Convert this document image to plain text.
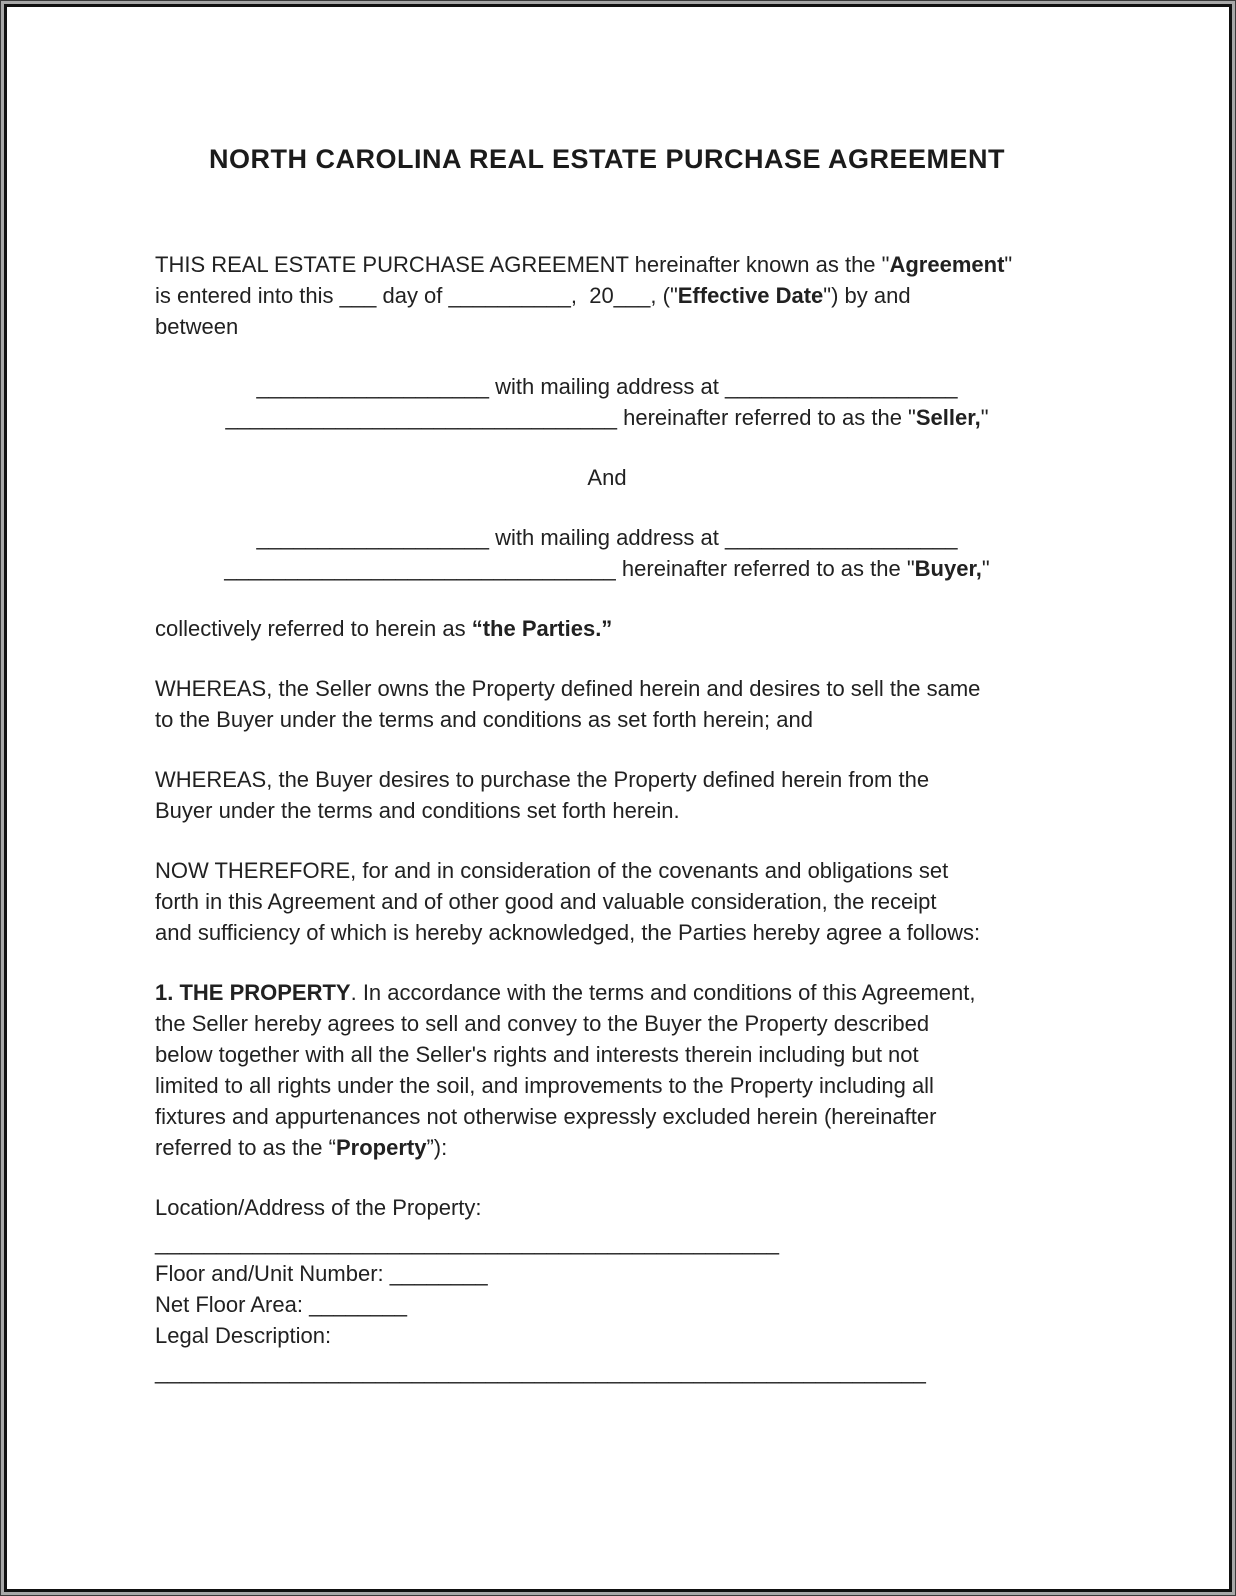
NORTH CAROLINA REAL ESTATE PURCHASE AGREEMENT
THIS REAL ESTATE PURCHASE AGREEMENT hereinafter known as the "Agreement"
is entered into this ___ day of __________,  20___, ("Effective Date") by and
between
___________________ with mailing address at ___________________
________________________________ hereinafter referred to as the "Seller,"
And
___________________ with mailing address at ___________________
________________________________ hereinafter referred to as the "Buyer,"
collectively referred to herein as “the Parties.”
WHEREAS, the Seller owns the Property defined herein and desires to sell the same
to the Buyer under the terms and conditions as set forth herein; and
WHEREAS, the Buyer desires to purchase the Property defined herein from the
Buyer under the terms and conditions set forth herein.
NOW THEREFORE, for and in consideration of the covenants and obligations set
forth in this Agreement and of other good and valuable consideration, the receipt
and sufficiency of which is hereby acknowledged, the Parties hereby agree a follows:
1. THE PROPERTY. In accordance with the terms and conditions of this Agreement,
the Seller hereby agrees to sell and convey to the Buyer the Property described
below together with all the Seller's rights and interests therein including but not
limited to all rights under the soil, and improvements to the Property including all
fixtures and appurtenances not otherwise expressly excluded herein (hereinafter
referred to as the “Property”):
Location/Address of the Property:
___________________________________________________
Floor and/Unit Number: ________
Net Floor Area: ________
Legal Description:
_______________________________________________________________
